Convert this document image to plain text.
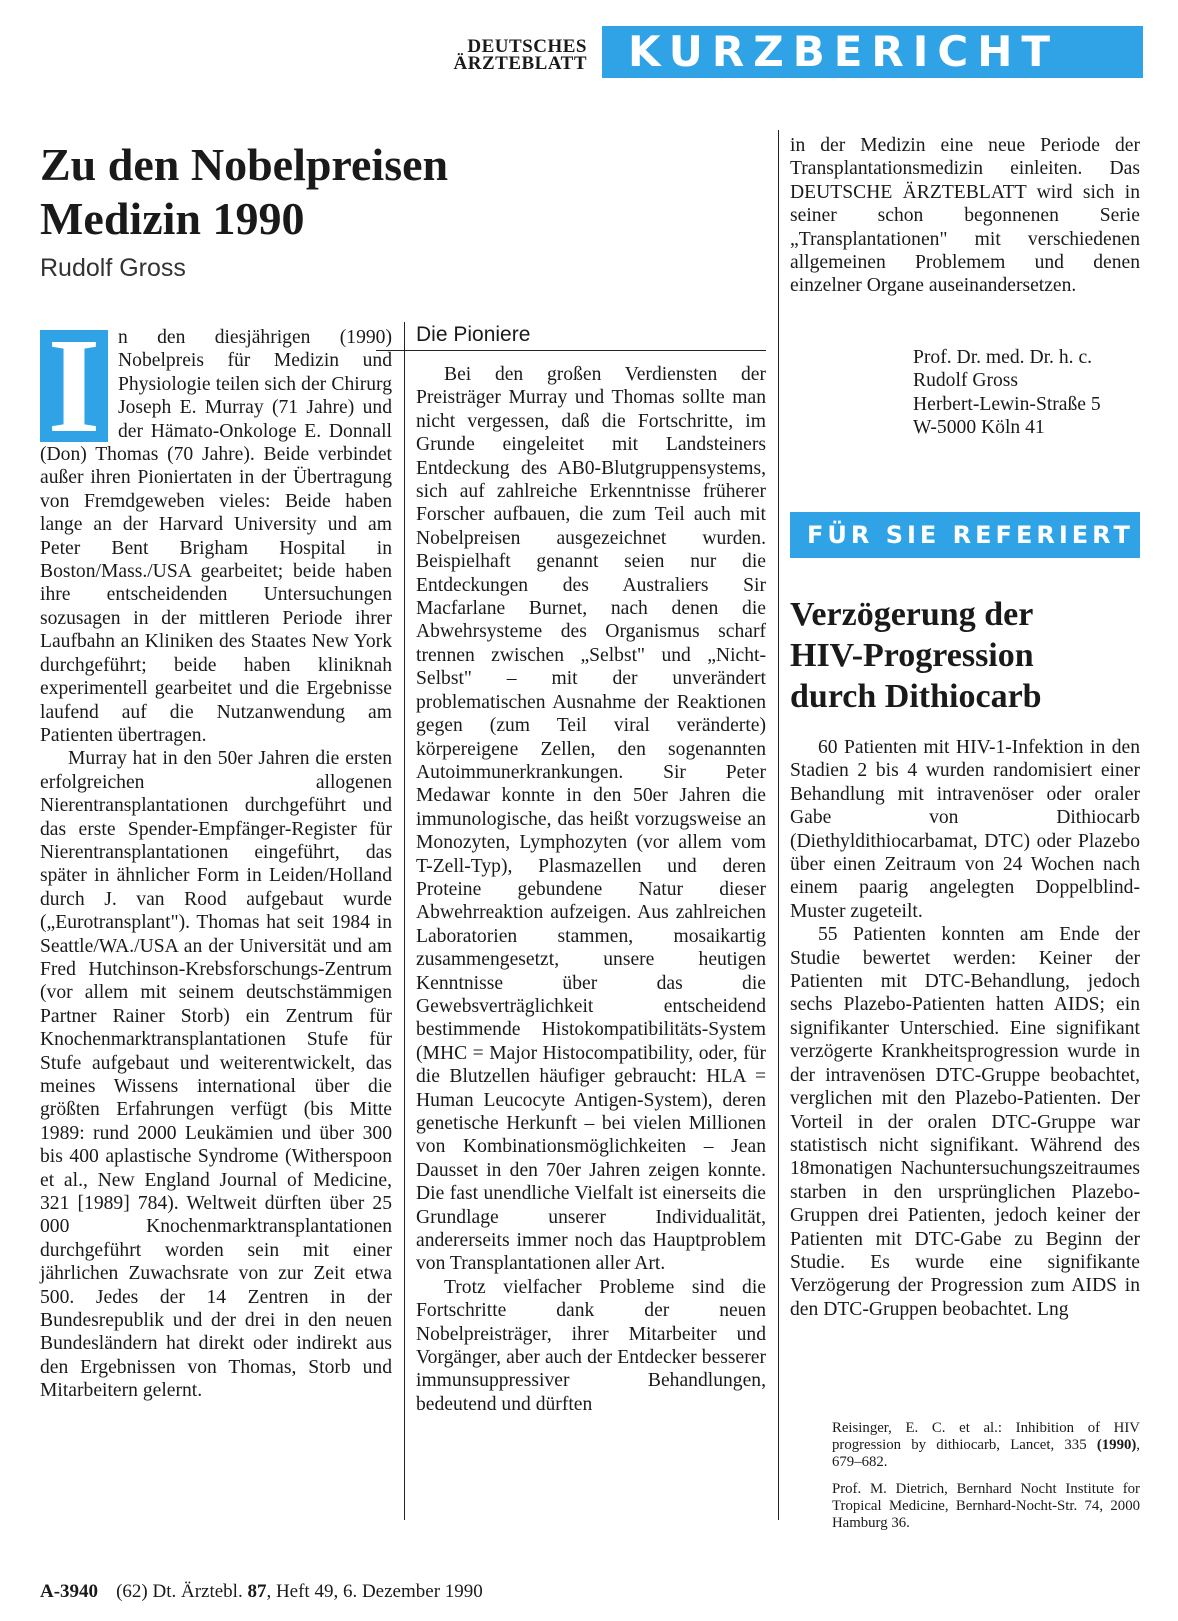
DEUTSCHES
ÄRZTEBLATT KURZBERICHT
Zu den Nobelpreisen
Medizin 1990
Rudolf Gross

I n den diesjährigen (1990) Nobelpreis für Medizin und Physiologie teilen sich der Chirurg Joseph E. Murray (71 Jahre) und der Hämato-Onkologe E. Donnall (Don) Thomas (70 Jahre). Beide verbindet außer ihren Pioniertaten in der Übertragung von Fremdgeweben vieles: Beide haben lange an der Harvard University und am Peter Bent Brigham Hospital in Boston/Mass./USA gearbeitet; beide haben ihre entscheidenden Untersuchungen sozusagen in der mittleren Periode ihrer Laufbahn an Kliniken des Staates New York durchgeführt; beide haben kliniknah experimentell gearbeitet und die Ergebnisse laufend auf die Nutzanwendung am Patienten übertragen.

Murray hat in den 50er Jahren die ersten erfolgreichen allogenen Nierentransplantationen durchgeführt und das erste Spender-Empfänger-Register für Nierentransplantationen eingeführt, das später in ähnlicher Form in Leiden/Holland durch J. van Rood aufgebaut wurde („Eurotransplant"). Thomas hat seit 1984 in Seattle/WA./USA an der Universität und am Fred Hutchinson-Krebsforschungs-Zentrum (vor allem mit seinem deutschstämmigen Partner Rainer Storb) ein Zentrum für Knochenmarktransplantationen Stufe für Stufe aufgebaut und weiterentwickelt, das meines Wissens international über die größten Erfahrungen verfügt (bis Mitte 1989: rund 2000 Leukämien und über 300 bis 400 aplastische Syndrome (Witherspoon et al., New England Journal of Medicine, 321 [1989] 784). Weltweit dürften über 25 000 Knochenmarktransplantationen durchgeführt worden sein mit einer jährlichen Zuwachsrate von zur Zeit etwa 500. Jedes der 14 Zentren in der Bundesrepublik und der drei in den neuen Bundesländern hat direkt oder indirekt aus den Ergebnissen von Thomas, Storb und Mitarbeitern gelernt.

Die Pioniere

Bei den großen Verdiensten der Preisträger Murray und Thomas sollte man nicht vergessen, daß die Fortschritte, im Grunde eingeleitet mit Landsteiners Entdeckung des AB0-Blutgruppensystems, sich auf zahlreiche Erkenntnisse früherer Forscher aufbauen, die zum Teil auch mit Nobelpreisen ausgezeichnet wurden. Beispielhaft genannt seien nur die Entdeckungen des Australiers Sir Macfarlane Burnet, nach denen die Abwehrsysteme des Organismus scharf trennen zwischen „Selbst" und „Nicht-Selbst" – mit der unverändert problematischen Ausnahme der Reaktionen gegen (zum Teil viral veränderte) körpereigene Zellen, den sogenannten Autoimmunerkrankungen. Sir Peter Medawar konnte in den 50er Jahren die immunologische, das heißt vorzugsweise an Monozyten, Lymphozyten (vor allem vom T-Zell-Typ), Plasmazellen und deren Proteine gebundene Natur dieser Abwehrreaktion aufzeigen. Aus zahlreichen Laboratorien stammen, mosaikartig zusammengesetzt, unsere heutigen Kenntnisse über das die Gewebsverträglichkeit entscheidend bestimmende Histokompatibilitäts-System (MHC = Major Histocompatibility, oder, für die Blutzellen häufiger gebraucht: HLA = Human Leucocyte Antigen-System), deren genetische Herkunft – bei vielen Millionen von Kombinationsmöglichkeiten – Jean Dausset in den 70er Jahren zeigen konnte. Die fast unendliche Vielfalt ist einerseits die Grundlage unserer Individualität, andererseits immer noch das Hauptproblem von Transplantationen aller Art.

Trotz vielfacher Probleme sind die Fortschritte dank der neuen Nobelpreisträger, ihrer Mitarbeiter und Vorgänger, aber auch der Entdecker besserer immunsuppressiver Behandlungen, bedeutend und dürften

in der Medizin eine neue Periode der Transplantationsmedizin einleiten. Das DEUTSCHE ÄRZTEBLATT wird sich in seiner schon begonnenen Serie „Transplantationen" mit verschiedenen allgemeinen Problemem und denen einzelner Organe auseinandersetzen.

Prof. Dr. med. Dr. h. c.
Rudolf Gross
Herbert-Lewin-Straße 5
W-5000 Köln 41
FÜR SIE REFERIERT
Verzögerung der
HIV-Progression
durch Dithiocarb

60 Patienten mit HIV-1-Infektion in den Stadien 2 bis 4 wurden randomisiert einer Behandlung mit intravenöser oder oraler Gabe von Dithiocarb (Diethyldithiocarbamat, DTC) oder Plazebo über einen Zeitraum von 24 Wochen nach einem paarig angelegten Doppelblind-Muster zugeteilt.

55 Patienten konnten am Ende der Studie bewertet werden: Keiner der Patienten mit DTC-Behandlung, jedoch sechs Plazebo-Patienten hatten AIDS; ein signifikanter Unterschied. Eine signifikant verzögerte Krankheitsprogression wurde in der intravenösen DTC-Gruppe beobachtet, verglichen mit den Plazebo-Patienten. Der Vorteil in der oralen DTC-Gruppe war statistisch nicht signifikant. Während des 18monatigen Nachuntersuchungszeitraumes starben in den ursprünglichen Plazebo-Gruppen drei Patienten, jedoch keiner der Patienten mit DTC-Gabe zu Beginn der Studie. Es wurde eine signifikante Verzögerung der Progression zum AIDS in den DTC-Gruppen beobachtet. Lng

Reisinger, E. C. et al.: Inhibition of HIV progression by dithiocarb, Lancet, 335 (1990), 679–682.

Prof. M. Dietrich, Bernhard Nocht Institute for Tropical Medicine, Bernhard-Nocht-Str. 74, 2000 Hamburg 36.

A-3940 (62) Dt. Ärztebl. 87, Heft 49, 6. Dezember 1990
